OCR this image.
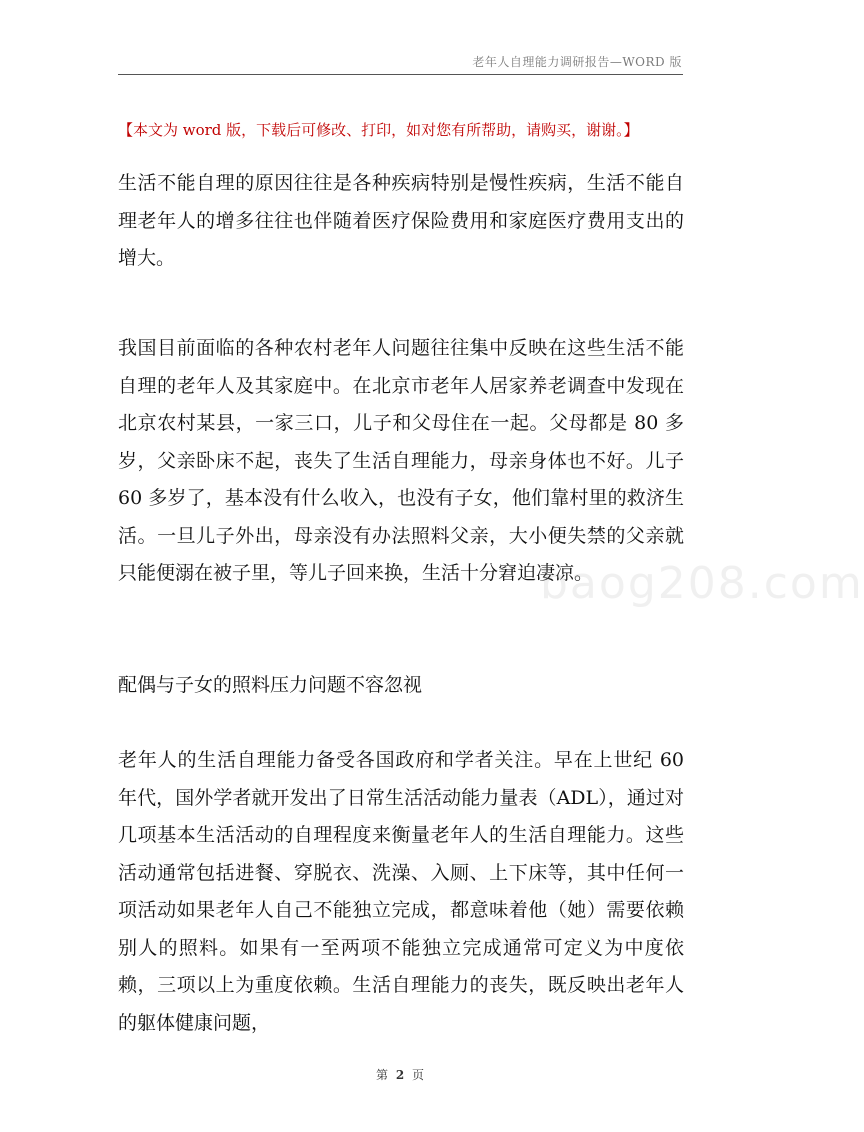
老年人自理能力调研报告—WORD 版
【本文为 word 版，下载后可修改、打印，如对您有所帮助，请购买，谢谢。】

生活不能自理的原因往往是各种疾病特别是慢性疾病，生活不能自理老年人的增多往往也伴随着医疗保险费用和家庭医疗费用支出的增大。

我国目前面临的各种农村老年人问题往往集中反映在这些生活不能自理的老年人及其家庭中。在北京市老年人居家养老调查中发现在北京农村某县，一家三口，儿子和父母住在一起。父母都是 80 多岁，父亲卧床不起，丧失了生活自理能力，母亲身体也不好。儿子 60 多岁了，基本没有什么收入，也没有子女，他们靠村里的救济生活。一旦儿子外出，母亲没有办法照料父亲，大小便失禁的父亲就只能便溺在被子里，等儿子回来换，生活十分窘迫凄凉。

配偶与子女的照料压力问题不容忽视

老年人的生活自理能力备受各国政府和学者关注。早在上世纪 60 年代，国外学者就开发出了日常生活活动能力量表（ADL），通过对几项基本生活活动的自理程度来衡量老年人的生活自理能力。这些活动通常包括进餐、穿脱衣、洗澡、入厕、上下床等，其中任何一项活动如果老年人自己不能独立完成，都意味着他（她）需要依赖别人的照料。如果有一至两项不能独立完成通常可定义为中度依赖，三项以上为重度依赖。生活自理能力的丧失，既反映出老年人的躯体健康问题，

baog208.com
第 2 页
